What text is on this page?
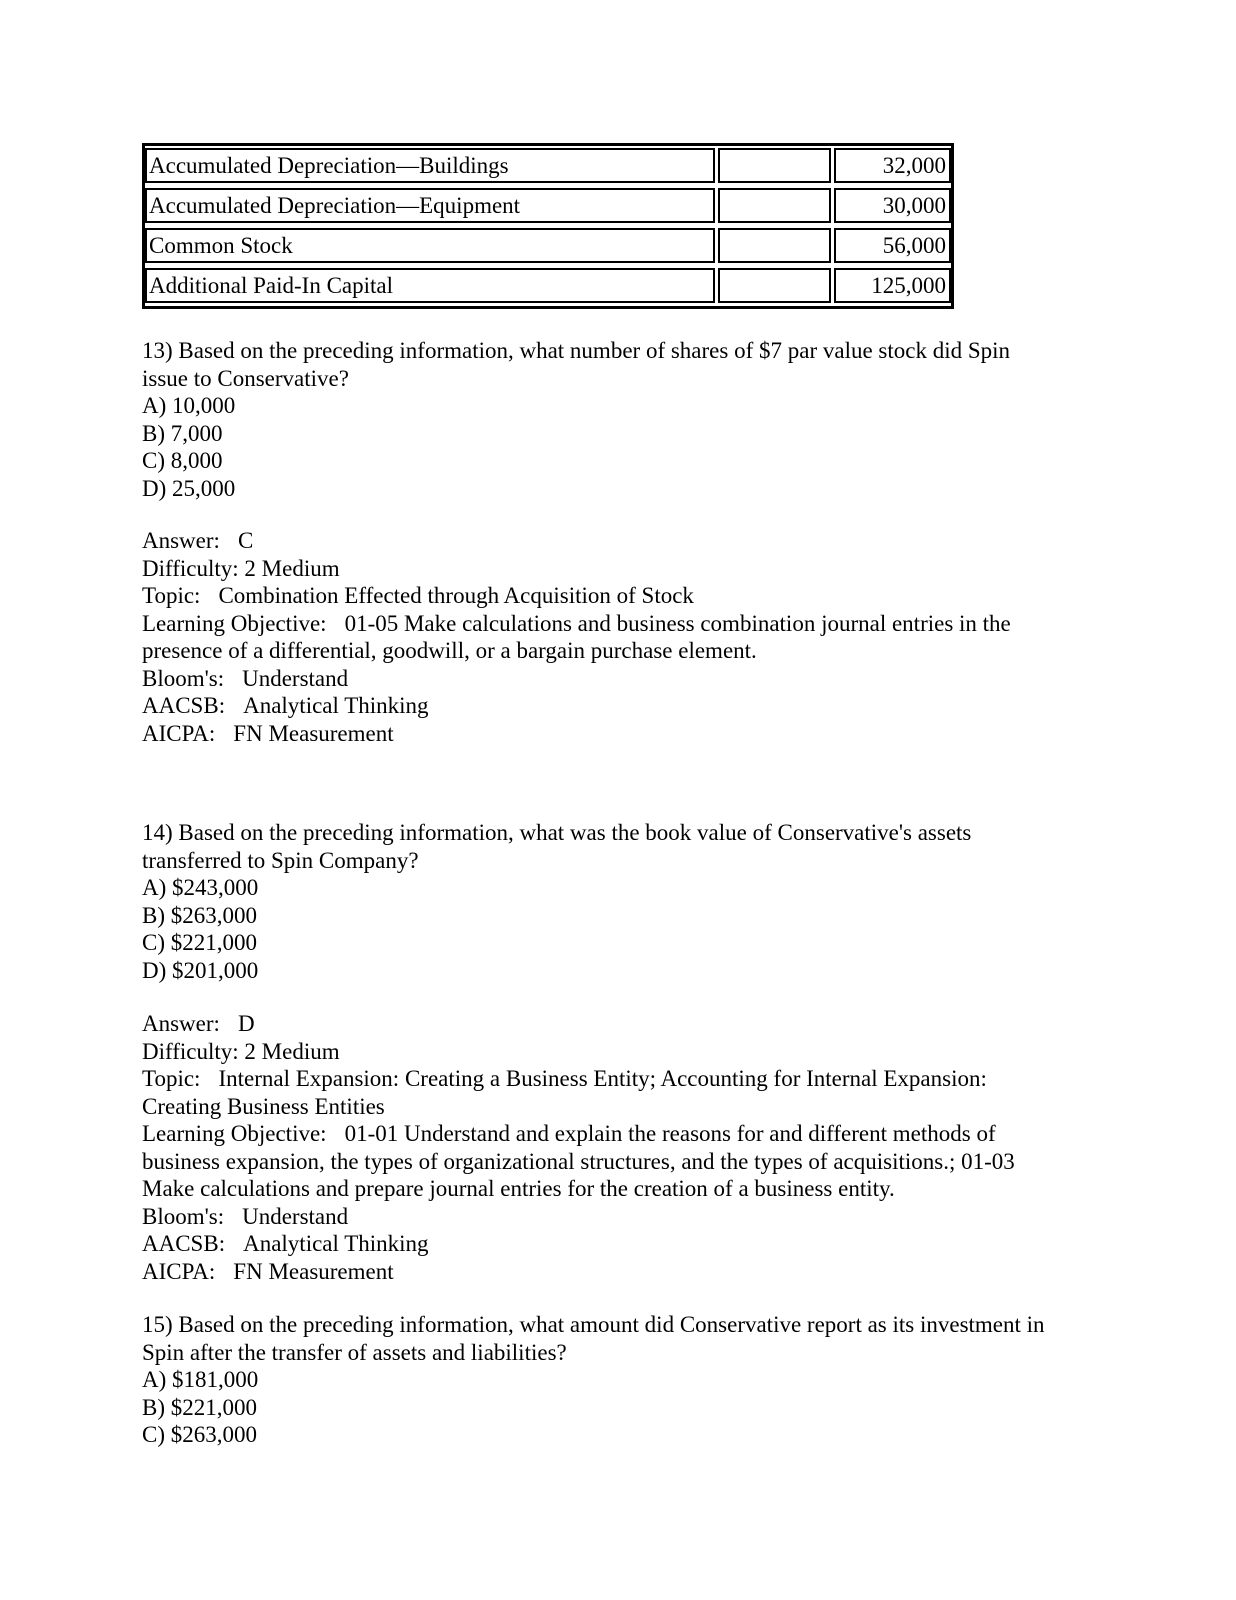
Accumulated Depreciation—Buildings	32,000
Accumulated Depreciation—Equipment	30,000
Common Stock	56,000
Additional Paid-In Capital	125,000
13) Based on the preceding information, what number of shares of $7 par value stock did Spin
issue to Conservative?
A) 10,000
B) 7,000
C) 8,000
D) 25,000
Answer: C
Difficulty: 2 Medium
Topic: Combination Effected through Acquisition of Stock
Learning Objective: 01-05 Make calculations and business combination journal entries in the
presence of a differential, goodwill, or a bargain purchase element.
Bloom's: Understand
AACSB: Analytical Thinking
AICPA: FN Measurement
14) Based on the preceding information, what was the book value of Conservative's assets
transferred to Spin Company?
A) $243,000
B) $263,000
C) $221,000
D) $201,000
Answer: D
Difficulty: 2 Medium
Topic: Internal Expansion: Creating a Business Entity; Accounting for Internal Expansion:
Creating Business Entities
Learning Objective: 01-01 Understand and explain the reasons for and different methods of
business expansion, the types of organizational structures, and the types of acquisitions.; 01-03
Make calculations and prepare journal entries for the creation of a business entity.
Bloom's: Understand
AACSB: Analytical Thinking
AICPA: FN Measurement
15) Based on the preceding information, what amount did Conservative report as its investment in
Spin after the transfer of assets and liabilities?
A) $181,000
B) $221,000
C) $263,000
